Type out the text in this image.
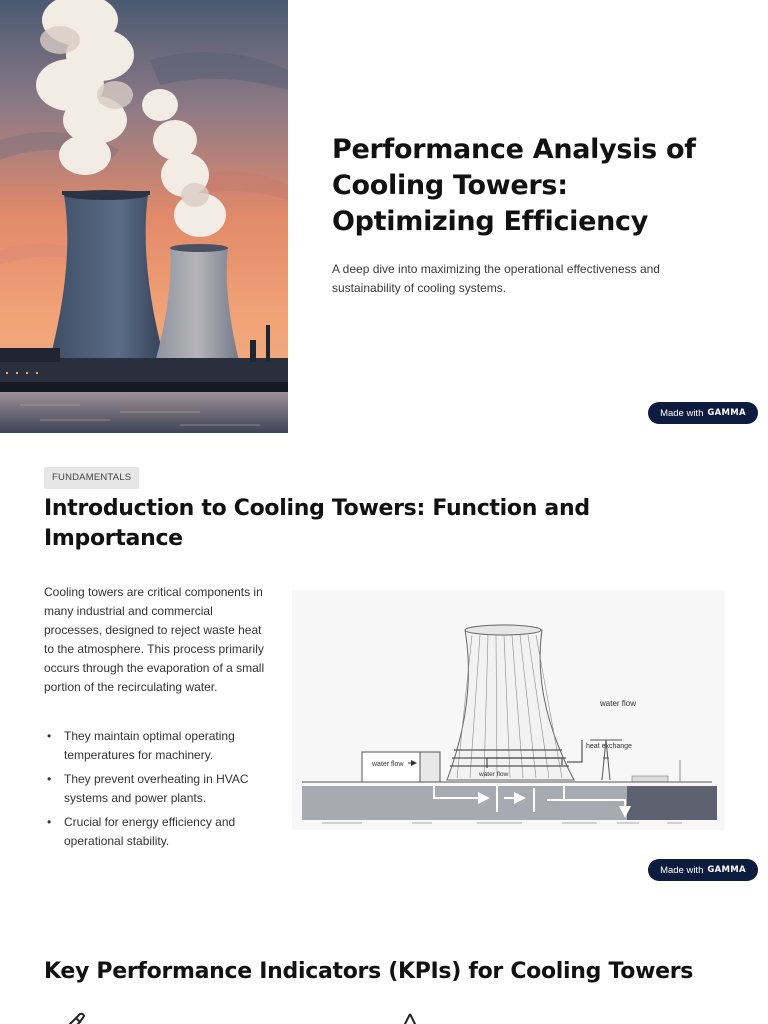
Performance Analysis of
Cooling Towers:
Optimizing Efficiency
A deep dive into maximizing the operational effectiveness and sustainability of cooling systems.
Made with GAMMA
FUNDAMENTALS
Introduction to Cooling Towers: Function and
Importance
Cooling towers are critical components in many industrial and commercial processes, designed to reject waste heat to the atmosphere. This process primarily occurs through the evaporation of a small portion of the recirculating water.
• They maintain optimal operating temperatures for machinery.
• They prevent overheating in HVAC systems and power plants.
• Crucial for energy efficiency and operational stability.
water flow
water flow
heat exchange
water flow
Made with GAMMA
Key Performance Indicators (KPIs) for Cooling Towers
